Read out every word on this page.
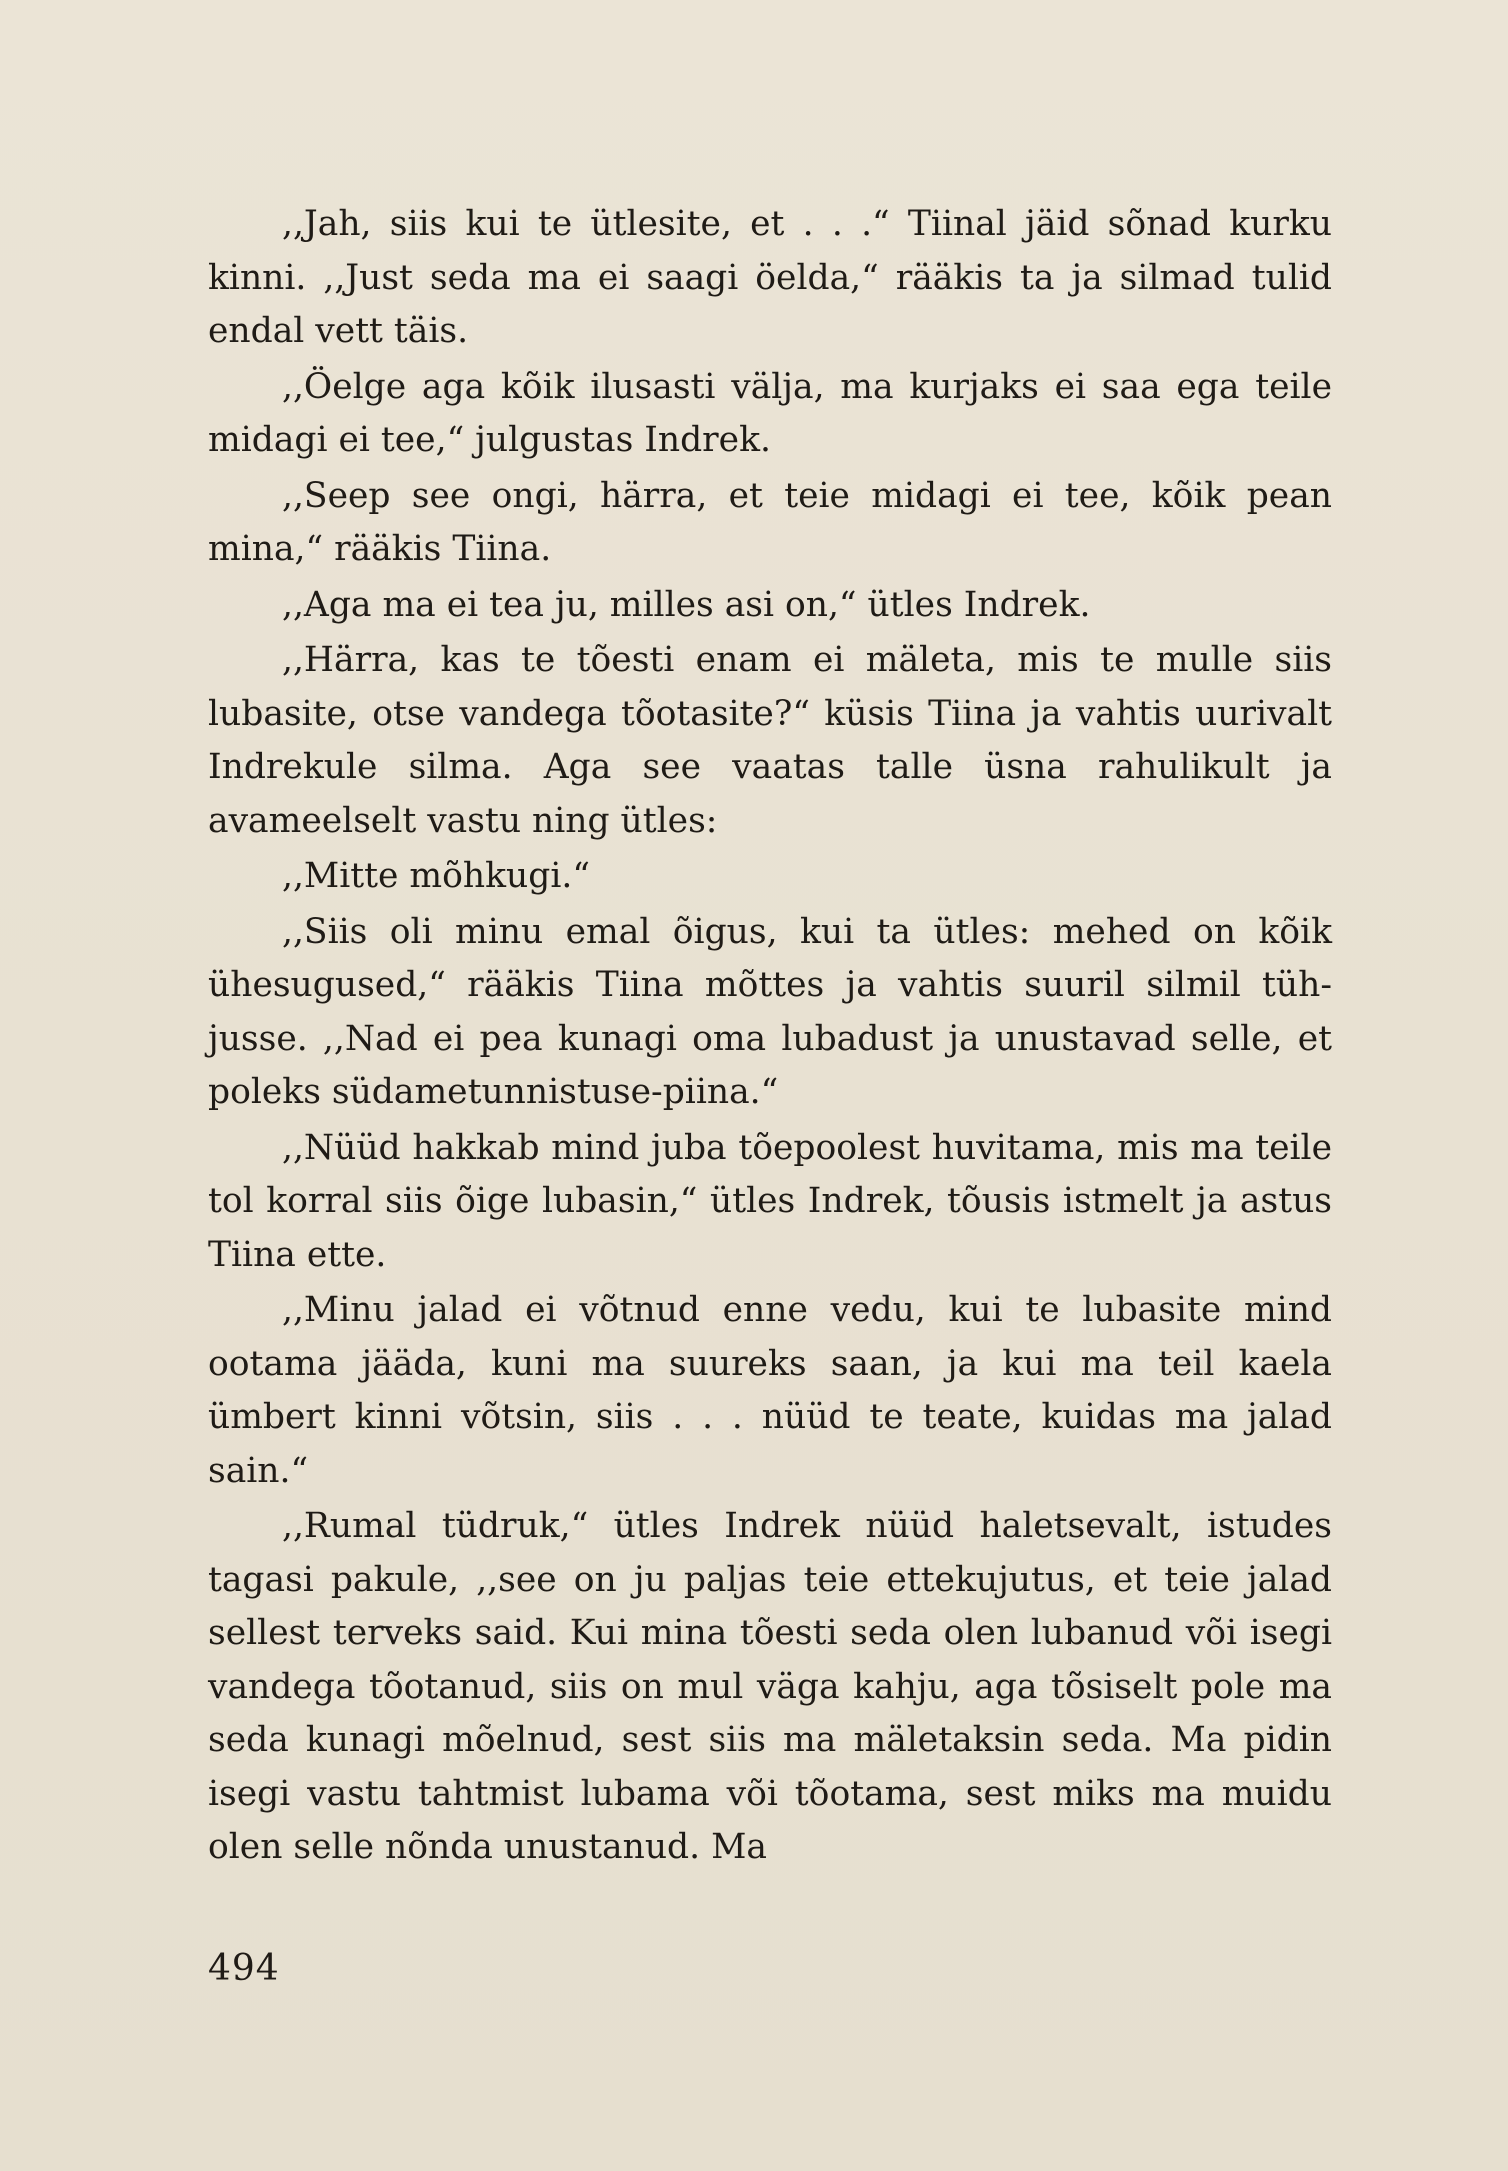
,,Jah, siis kui te ütlesite, et . . .“ Tiinal jäid sõnad kurku kinni. ,,Just seda ma ei saagi öelda,“ rääkis ta ja silmad tulid endal vett täis.

,,Öelge aga kõik ilusasti välja, ma kurjaks ei saa ega teile midagi ei tee,“ julgustas Indrek.

,,Seep see ongi, härra, et teie midagi ei tee, kõik pean mina,“ rääkis Tiina.

,,Aga ma ei tea ju, milles asi on,“ ütles Indrek.

,,Härra, kas te tõesti enam ei mäleta, mis te mulle siis lubasite, otse vandega tõotasite?“ küsis Tiina ja vahtis uurivalt Indrekule silma. Aga see vaatas talle üsna rahulikult ja avameelselt vastu ning ütles:

,,Mitte mõhkugi.“

,,Siis oli minu emal õigus, kui ta ütles: mehed on kõik ühesugused,“ rääkis Tiina mõttes ja vahtis suuril silmil tühjusse. ,,Nad ei pea kunagi oma lubadust ja unustavad selle, et poleks südametunnistuse-piina.“

,,Nüüd hakkab mind juba tõepoolest huvitama, mis ma teile tol korral siis õige lubasin,“ ütles Indrek, tõusis istmelt ja astus Tiina ette.

,,Minu jalad ei võtnud enne vedu, kui te lubasite mind ootama jääda, kuni ma suureks saan, ja kui ma teil kaela ümbert kinni võtsin, siis . . . nüüd te teate, kuidas ma jalad sain.“

,,Rumal tüdruk,“ ütles Indrek nüüd haletsevalt, istudes tagasi pakule, ,,see on ju paljas teie ettekujutus, et teie jalad sellest terveks said. Kui mina tõesti seda olen lubanud või isegi vandega tõotanud, siis on mul väga kahju, aga tõsiselt pole ma seda kunagi mõelnud, sest siis ma mäletaksin seda. Ma pidin isegi vastu tahtmist lubama või tõotama, sest miks ma muidu olen selle nõnda unustanud. Ma

494
